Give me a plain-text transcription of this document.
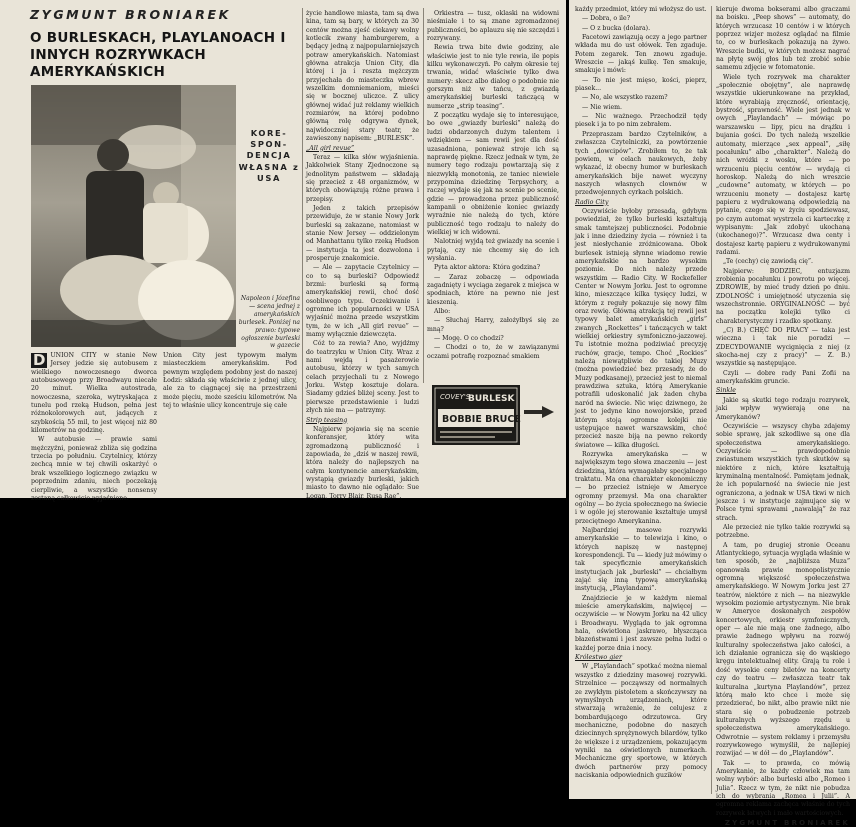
ZYGMUNT BRONIAREK
O BURLESKACH, PLAYLANOACH I INNYCH ROZRYWKACH AMERYKAŃSKICH
KORE-SPON-DENCJA WŁASNA z USA
Napoleon i Józefina — scena jednej z amerykańskich burlesek. Poniżej na prawo: typowe ogłoszenie burleski w gazecie

D UNION CITY w stanie New Jersey jedzie się autobusem z wielkiego nowoczesnego dworca autobusowego przy Broadwayu niecałe 20 minut. Wielka autostrada, nowoczesna, szeroka, wytryskająca z tunelu pod rzeką Hudson, pełna jest różnokolorowych aut, jadących z szybkością 55 mil, to jest więcej niż 80 kilometrów na godzinę.

W autobusie — prawie sami mężczyźni, ponieważ zbliża się godzina trzecia po południu. Czytelnicy, którzy zechcą mnie w tej chwili oskarżyć o brak wszelkiego logicznego związku w poprzednim zdaniu, niech poczekają cierpliwie, a wszystkie nonsensy zostaną całkowicie wyjaśnione.

Union City jest typowym małym miasteczkiem amerykańskim. Pod pewnym względem podobny jest do naszej Łodzi: składa się właściwie z jednej ulicy, ale za to ciągnącej się na przestrzeni może pięciu, może sześciu kilometrów. Na tej to właśnie ulicy koncentruje się całe

życie handlowe miasta, tam są dwa kina, tam są bary, w których za 30 centów można zjeść ciekawy wolny kotlecik zwany hamburgerem, a będący jedną z najpopularniejszych potraw amerykańskich. Natomiast główna atrakcja Union City, dla której i ja i reszta mężczyzn przyjechała do miasteczka wbrew wszelkim domniemaniom, mieści się w bocznej uliczce. Z ulicy głównej widać już reklamy wielkich rozmiarów, na której podobno główną rolę odgrywa dynek, najwidoczniej stary teatr, że zawieszony napisem: „BURLESK”.

„All girl revue”

Teraz — kilka słów wyjaśnienia. Jakkolwiek Stany Zjednoczone są jednolitym państwem — składają się przecież z 48 organizmów, w których obowiązują różne prawa i przepisy.

Jeden z takich przepisów przewiduje, że w stanie Nowy Jork burleski są zakazane, natomiast w stanie New Jersey — oddzielonym od Manhattanu tylko rzeką Hudson — instytucja ta jest dozwolona i prosperuje znakomicie.

— Ale — zapytacie Czytelnicy — co to są burleski? Odpowiedź brzmi: burleski są formą amerykańskiej rewii, choć dość osobliwego typu. Oczekiwanie i ogromne ich popularności w USA wyjaśnić można przede wszystkim tym, że w ich „All girl revue” — mamy wyłącznie dziewczęta.

Cóż to za rewia? Ano, wyjdźmy do teatrzyku w Union City. Wraz z nami wejdą i pasażerowie autobusu, którzy w tych samych celach przyjechali tu z Nowego Jorku. Wstęp kosztuje dolara. Siadamy gdzieś bliżej sceny. Jest to pierwsze przedstawienie i ludzi złych nie ma — patrzymy.

Strip teasing

Najpierw pojawia się na scenie konferansjer, który wita zgromadzoną publiczność i zapowiada, że „dziś w naszej rewii, która należy do najlepszych na całym kontynencie amerykańskim, wystąpią gwiazdy burleski, jakich miasto to dawno nie oglądało: Sue Logan, Torry Blair, Rusa Rae”.

Orkiestra — tusz, oklaski na widowni nieśmiałe i to są znane zgromadzonej publiczności, bo aplauzu się nie szczędzi i rozrywany.

Rewia trwa bite dwie godziny, ale właściwie jest to nie tyle rewia, ile popis kilku wykonawczyń. Po całym okresie tej trwania, widać właściwie tylko dwa numery: skecz albo dialog o podobnie nie gorszym niż w tańcu, z gwiazdą amerykańskiej burleski tańczącą w numerze „strip teasing”.

Z początku wydaje się to interesujące, bo owe „gwiazdy burleski” należą do ludzi obdarzonych dużym talentem i wdziękiem — sam rewii jest dla dość uzasadniona, ponieważ stroje ich są naprawdę piękne. Rzecz jednak w tym, że numery tego rodzaju powtarzają się z niezwykłą monotonią, ze taniec niewiele przypomina dziedzinę Terpsychory, a raczej wydaje się jak na scenie po scenie, gdzie — prowadzona przez publiczność kampanii o obniżenie koniec gwiazdy wyraźnie nie należą do tych, które publiczność tego rodzaju to należy do wielkiej w ich widowni.

Nalotniej wyjdą też gwiazdy na scenie i pytają, czy nie chcemy się do ich wysłania.

Pyta aktor aktora: Która godzina?

— Zaraz zobaczę — odpowiada zagadnięty i wyciąga zegarek z miejsca w spodniach, które na pewno nie jest kieszenią.

Albo:

— Słuchaj Harry, założyłbyś się ze mną?

— Mogę. O co chodzi?

— Chodzi o to, że w zawiązanymi oczami potrafię rozpoznać smakiem

COVEY'S
BURLESK
BOBBIE BRUCE

każdy przedmiot, który mi włożysz do ust.

— Dobra, o ile?

— O z bucka (dolara).

Facetowi zawiązują oczy a jego partner wkłada mu do ust ołówek. Ten zgaduje. Potem zegarek. Ten znowu zgaduje. Wreszcie — jakąś kulkę. Ten smakuje, smakuje i mówi:

— To nie jest mięso, kości, pieprz, piasek...

— No, ale wszystko razem?

— Nie wiem.

— Nic ważnego. Przechodził tędy piesek i ja to po nim zebrałem.

Przepraszam bardzo Czytelników, a zwłaszcza Czytelniczki, za powtórzenie tych „dowcipów”. Zrobiłem to, że tak powiem, w celach naukowych, żeby wykazać, iż obecny humor w burleskach amerykańskich bije nawet wyczyny naszych własnych clownów w przedwojennych cyrkach polskich.

Radio City

Oczywiście byłoby przesadą, gdybym powiedział, że tylko burleski kształtują smak tamtejszej publiczności. Podobnie jak i inne dziedziny życia — również i ta jest niesłychanie zróżnicowana. Obok burlesek istnieją słynne wiadomo rewie amerykańskie na bardzo wysokim poziomie. Do nich należy przede wszystkim — Radio City. W Rockefeller Center w Nowym Jorku. Jest to ogromne kino, mieszczące kilka tysięcy ludzi, w którym z reguły pokazuje się nowy film oraz rewię. Główną atrakcją tej rewii jest typowy balet amerykańskich „girls” zwanych „Rockettes” i tańczących w takt wielkiej orkiestry symfoniczno-jazzowej. Tu istotnie można podziwiać precyzję ruchów, gracje, tempo. Choć „Rockies” należą niewątpliwie do takiej Muzy (można powiedzieć bez przesady, że do Muzy podkasanej), przecież jest to niemal prawdziwa sztuka, którą Amerykanie potrafili udoskonalić jak żaden chyba naród na świecie. Nic więc dziwnego, że jest to jedyne kino nowojorskie, przed którym stoją ogromne kolejki nie ustępujące nawet warszawskim, choć przecież nasze biją na pewno rekordy światowe — kilka długości.

Rozrywka amerykańska — w największym tego słowa znaczeniu — jest dziedziną, która wymagałaby specjalnego traktatu. Ma ona charakter ekonomiczny — bo przecież istnieje w Ameryce ogromny przemysł. Ma ona charakter ogólny — bo życia społecznego na świecie i w ogóle jej sterowanie kształtuje umysł przeciętnego Amerykanina.

Najbardziej masowe rozrywki amerykańskie — to telewizja i kino, o których napiszę w następnej korespondencji. Tu — kiedy już mówimy o tak specyficznie amerykańskich instytucjach jak „burleski” — chciałbym zająć się inną typową amerykańską instytucją, „Playlandami”.

Znajdziecie je w każdym niemal mieście amerykańskim, najwięcej — oczywiście — w Nowym Jorku na 42 ulicy i Broadwayu. Wygląda to jak ogromna hala, oświetlona jaskrawo, błyszcząca błazeństwami i jest zawsze pełna ludzi o każdej porze dnia i nocy.

Królestwo gier

W „Playlandach” spotkać można niemal wszystko z dziedziny masowej rozrywki. Strzelnice — począwszy od normalnych ze zwykłym pistoletem a skończywszy na wymyślnych urządzeniach, które stwarzają wrażenie, że celujesz z bombardującego odrzutowca. Gry mechaniczne, podobne do naszych dziecinnych sprężynowych bilardów, tylko że większe i z urządzeniem, pokazującym wyniki na oświetlonych numerkach. Mechaniczne gry sportowe, w których dwóch partnerów przy pomocy naciskania odpowiednich guzików

kieruje dwoma bokserami albo graczami na boisku. „Peep shows” — automaty, do których wrzucasz 10 centów i w których poprzez wizjer możesz oglądać na filmie to, co w burleskach pokazują na żywo. Wreszcie budki, w których możesz nagrać na płytę swój głos lub też zrobić sobie samemu zdjęcie w fotomatonie.

Wiele tych rozrywek ma charakter „społecznie obojętny”, ale naprawdę wszystkie ukierunkowane na przykład, które wyrabiają zręczność, orientację, bystrość, sprawność. Wiele jest jednak w owych „Playlandach” — mówiąc po warszawsku — lipy, picu na drążku i bujania gości. Do tych należą wszelkie automaty, mierzące „sex appeal”, „siłę pocałunku” albo „charakter”. Należą do nich wróżki z wosku, które — po wrzuceniu pięciu centów — wydają ci horoskop. Należą do nich wreszcie „cudowne” automaty, w których — po wrzuceniu monety — dostajesz kartę papieru z wydrukowaną odpowiedzią na pytanie, czego się w życiu spodziewasz, po czym automat wystrzela ci karteczkę z wypisanym: „Jak zdobyć ukochaną (ukochanego)?”. Wrzucasz dwa centy i dostajesz kartę papieru z wydrukowanymi radami.

„Te (cechy) cię zawiodą cię”.

Najpierw: BODZIEC, entuzjazm zrobienia pocałunku i powrotu po więcej. ZDROWIE, by mieć trudy dzień po dniu. ZDOLNOŚĆ i umiejętność utyczenia się wszechstronnie. ORYGINALNOŚĆ — być na początku kolejki tylko ci charakterystyczny i rzadko spotkany.

„C) B.) CHĘĆ DO PRACY — taka jest wieczna i tak nie poradzi — ZDECYDOWANIE wycignięcia z niej (z skocha-nej czy z pracy)” — Z. B.) wszystkie są następujące.

Czyli — dobre rady Pani Zofii na amerykańskim gruncie.

Sinkle

Jakie są skutki tego rodzaju rozrywek, jaki wpływ wywierają one na Amerykanów?

Oczywiście — wszyscy chyba zdajemy sobie sprawę, jak szkodliwe są one dla społeczeństwa amerykańskiego. Oczywiście — prawdopodobnie zwiastunem wszystkich tych skutków są niektóre z nich, które kształtują kryminalną mentalność. Pamiętam jednak, że ich popularność na świecie nie jest ograniczona, a jednak w USA tkwi w nich jeszcze i w instytucje zajmujące się w Polsce tymi sprawami „nawalają” że raz strach.

Ale przecież nie tylko takie rozrywki są potrzebne.

A tam, po drugiej stronie Oceanu Atlantyckiego, sytuacja wygląda właśnie w ten sposób, że „najbliższa Muza” opanowała prawie monopolistycznie ogromną większość społeczeństwa amerykańskiego. W Nowym Jorku jest 27 teatrów, niektóre z nich — na niezwykle wysokim poziomie artystycznym. Nie brak w Ameryce doskonałych zespołów koncertowych, orkiestr symfonicznych, oper — ale nie mają one żadnego, albo prawie żadnego wpływu na rozwój kulturalny społeczeństwa jako całości, a ich działanie ogranicza się do wąskiego kręgu intelektualnej elity. Grają tu role i dość wysokie ceny biletów na koncerty czy do teatru — zwłaszcza teatr tak kulturalna „kurtyna Playlandów”, przez którą mało kto chce i może się przedzierać, bo nikt, albo prawie nikt nie stara się o pobudzenie potrzeb kulturalnych wyższego rzędu u społeczeństwa amerykańskiego. Odwrotnie — system reklamy i przemysłu rozrywkowego wymyślił, że najlepiej rozwijać — w dół — do „Playlandów”.

Tak — to prawda, co mówią Amerykanie, że każdy człowiek ma tam wolny wybór: albo burleski albo „Romeo i Julia”. Rzecz w tym, że nikt nie pobudza ich do wybrania „Romea i Julii”. A ogromna reklama zachęca właśnie do tych rozrywek łatwych i mało wartościowych.

ZYGMUNT BRONIAREK
